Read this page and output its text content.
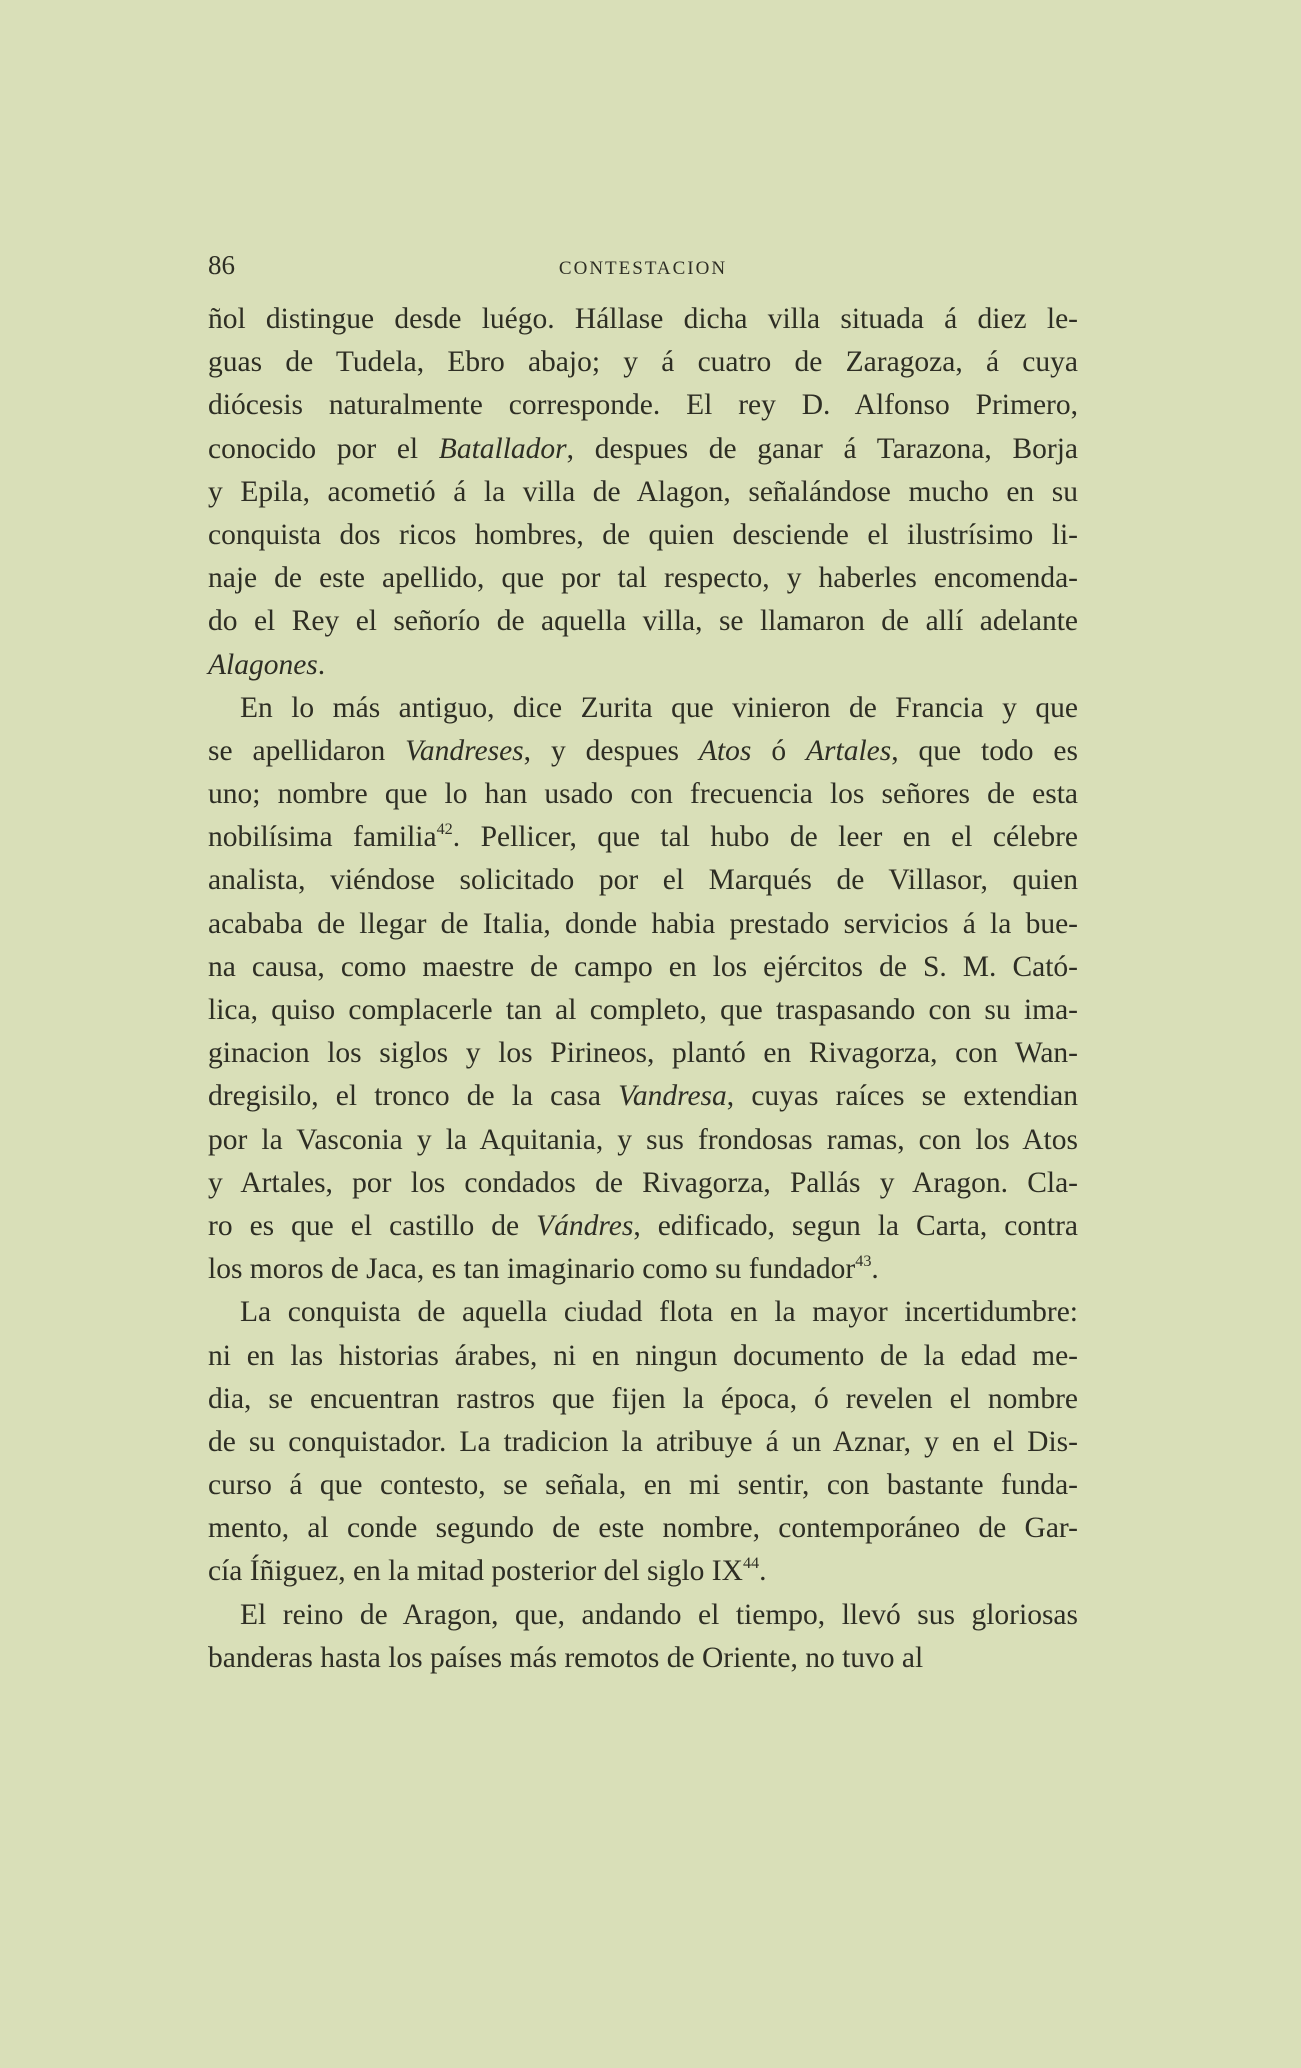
86	CONTESTACION
ñol distingue desde luégo. Hállase dicha villa situada á diez le-
guas de Tudela, Ebro abajo; y á cuatro de Zaragoza, á cuya
diócesis naturalmente corresponde. El rey D. Alfonso Primero,
conocido por el Batallador, despues de ganar á Tarazona, Borja
y Epila, acometió á la villa de Alagon, señalándose mucho en su
conquista dos ricos hombres, de quien desciende el ilustrísimo li-
naje de este apellido, que por tal respecto, y haberles encomenda-
do el Rey el señorío de aquella villa, se llamaron de allí adelante
Alagones.
En lo más antiguo, dice Zurita que vinieron de Francia y que
se apellidaron Vandreses, y despues Atos ó Artales, que todo es
uno; nombre que lo han usado con frecuencia los señores de esta
nobilísima familia$^{42}$. Pellicer, que tal hubo de leer en el célebre
analista, viéndose solicitado por el Marqués de Villasor, quien
acababa de llegar de Italia, donde habia prestado servicios á la bue-
na causa, como maestre de campo en los ejércitos de S. M. Cató-
lica, quiso complacerle tan al completo, que traspasando con su ima-
ginacion los siglos y los Pirineos, plantó en Rivagorza, con Wan-
dregisilo, el tronco de la casa Vandresa, cuyas raíces se extendian
por la Vasconia y la Aquitania, y sus frondosas ramas, con los Atos
y Artales, por los condados de Rivagorza, Pallás y Aragon. Cla-
ro es que el castillo de Vándres, edificado, segun la Carta, contra
los moros de Jaca, es tan imaginario como su fundador$^{43}$.
La conquista de aquella ciudad flota en la mayor incertidumbre:
ni en las historias árabes, ni en ningun documento de la edad me-
dia, se encuentran rastros que fijen la época, ó revelen el nombre
de su conquistador. La tradicion la atribuye á un Aznar, y en el Dis-
curso á que contesto, se señala, en mi sentir, con bastante funda-
mento, al conde segundo de este nombre, contemporáneo de Gar-
cía Íñiguez, en la mitad posterior del siglo IX$^{44}$.
El reino de Aragon, que, andando el tiempo, llevó sus gloriosas
banderas hasta los países más remotos de Oriente, no tuvo al
